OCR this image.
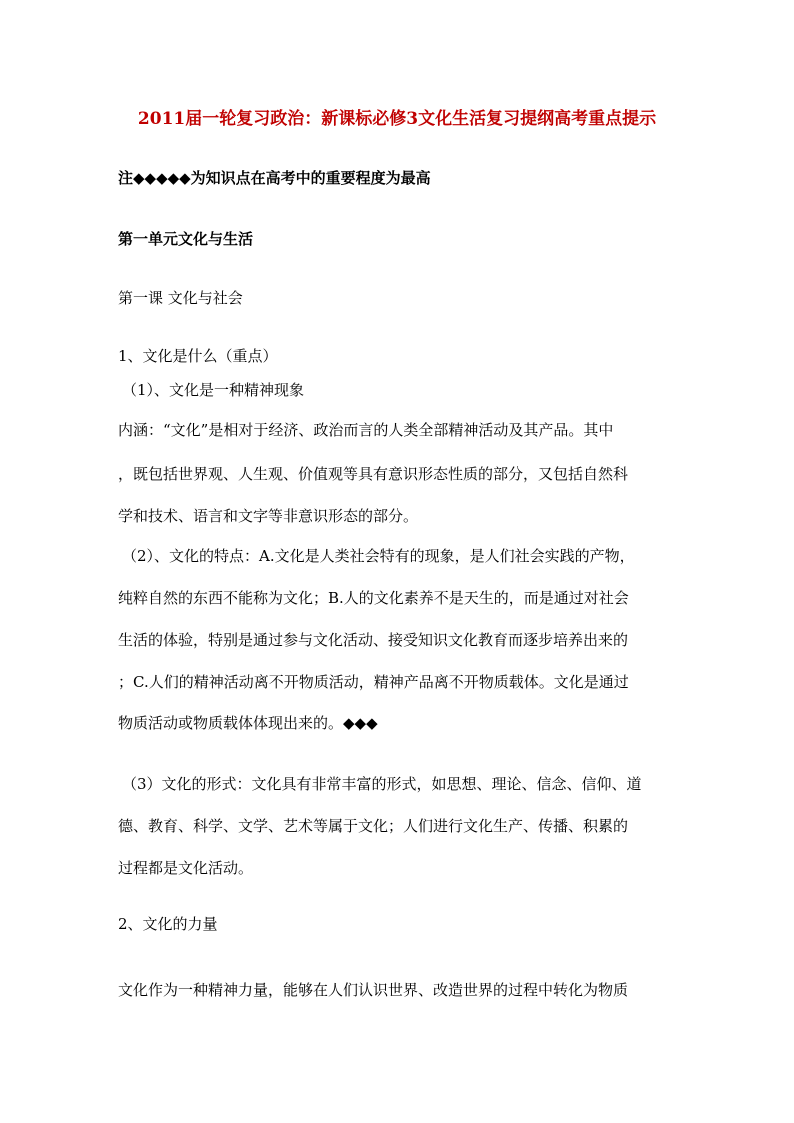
2011届一轮复习政治：新课标必修3文化生活复习提纲高考重点提示
注◆◆◆◆◆为知识点在高考中的重要程度为最高
第一单元文化与生活
第一课 文化与社会
1、文化是什么（重点）
（1）、文化是一种精神现象
内涵：“文化”是相对于经济、政治而言的人类全部精神活动及其产品。其中
，既包括世界观、人生观、价值观等具有意识形态性质的部分，又包括自然科
学和技术、语言和文字等非意识形态的部分。
（2）、文化的特点：A.文化是人类社会特有的现象，是人们社会实践的产物，
纯粹自然的东西不能称为文化；B.人的文化素养不是天生的，而是通过对社会
生活的体验，特别是通过参与文化活动、接受知识文化教育而逐步培养出来的
；C.人们的精神活动离不开物质活动，精神产品离不开物质载体。文化是通过
物质活动或物质载体体现出来的。◆◆◆
（3）文化的形式：文化具有非常丰富的形式，如思想、理论、信念、信仰、道
德、教育、科学、文学、艺术等属于文化；人们进行文化生产、传播、积累的
过程都是文化活动。
2、文化的力量
文化作为一种精神力量，能够在人们认识世界、改造世界的过程中转化为物质
